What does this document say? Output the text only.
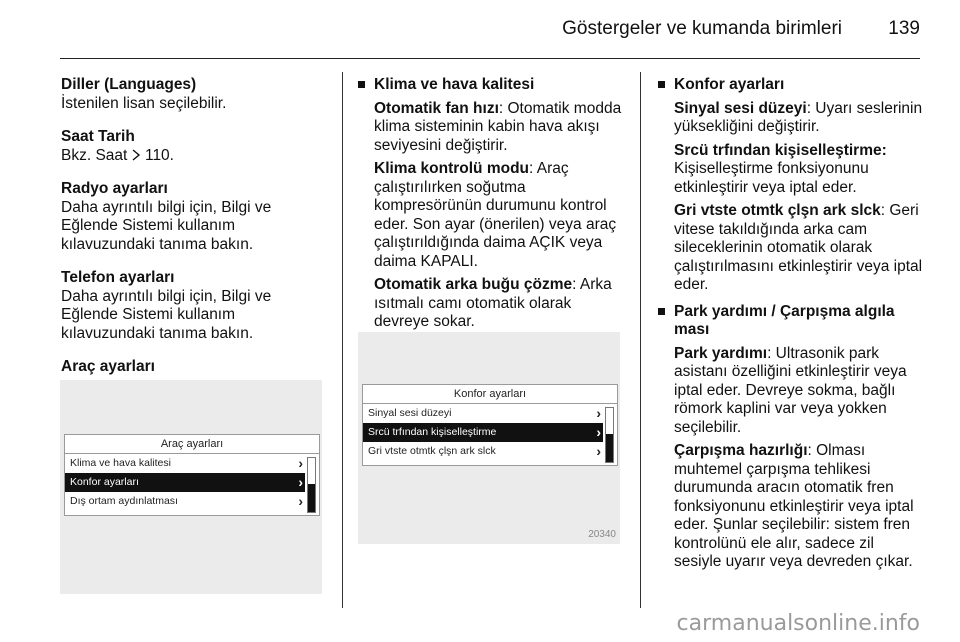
Göstergeler ve kumanda birimleri 139

Diller (Languages)

İstenilen lisan seçilebilir.

Saat Tarih

Bkz. Saat 110.

Radyo ayarları

Daha ayrıntılı bilgi için, Bilgi ve Eğlende Sistemi kullanım kılavuzundaki tanıma bakın.

Telefon ayarları

Daha ayrıntılı bilgi için, Bilgi ve Eğlende Sistemi kullanım kılavuzundaki tanıma bakın.

Araç ayarları

Araç ayarları
Klima ve hava kalitesi	›
Konfor ayarları	›
Dış ortam aydınlatması	›

Klima ve hava kalitesi

Otomatik fan hızı: Otomatik modda klima sisteminin kabin hava akışı seviyesini değiştirir.

Klima kontrolü modu: Araç çalıştırılırken soğutma kompresörünün durumunu kontrol eder. Son ayar (önerilen) veya araç çalıştırıldığında daima AÇIK veya daima KAPALI.

Otomatik arka buğu çözme: Arka ısıtmalı camı otomatik olarak devreye sokar.

Konfor ayarları
Sinyal sesi düzeyi	›
Srcü trfından kişiselleştirme	›
Gri vtste otmtk çlşn ark slck	›
20340

Konfor ayarları

Sinyal sesi düzeyi: Uyarı seslerinin yüksekliğini değiştirir.

Srcü trfından kişiselleştirme:
Kişiselleştirme fonksiyonunu etkinleştirir veya iptal eder.

Gri vtste otmtk çlşn ark slck: Geri vitese takıldığında arka cam sileceklerinin otomatik olarak çalıştırılmasını etkinleştirir veya iptal eder.

Park yardımı / Çarpışma algıla ması

Park yardımı: Ultrasonik park asistanı özelliğini etkinleştirir veya iptal eder. Devreye sokma, bağlı römork kaplini var veya yokken seçilebilir.

Çarpışma hazırlığı: Olması muhtemel çarpışma tehlikesi durumunda aracın otomatik fren fonksiyonunu etkinleştirir veya iptal eder. Şunlar seçilebilir: sistem fren kontrolünü ele alır, sadece zil sesiyle uyarır veya devreden çıkar.

carmanualsonline.info
